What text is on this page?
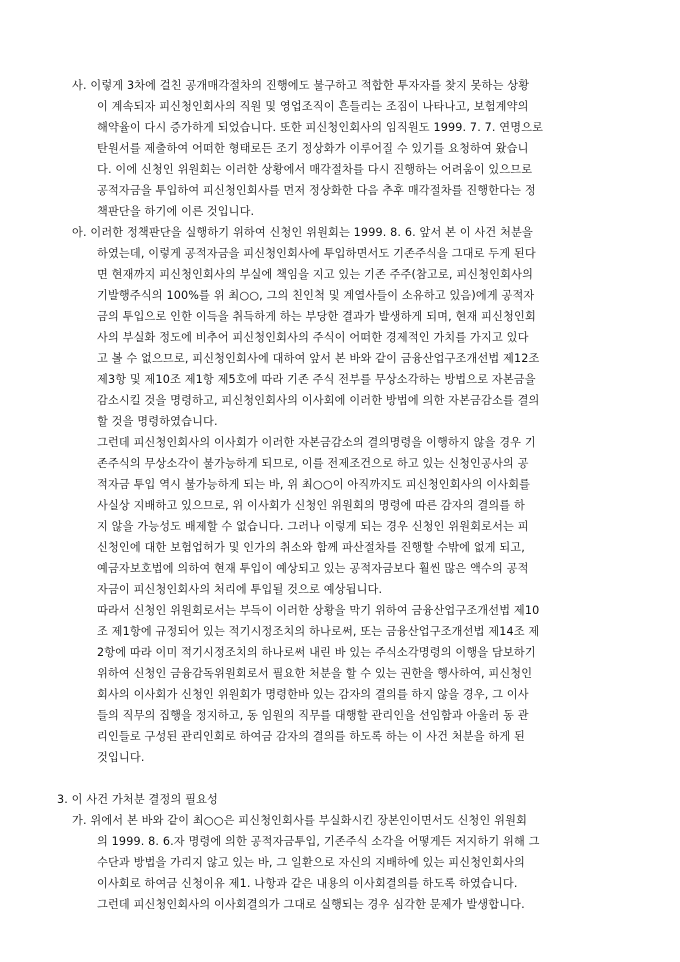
사. 이렇게 3차에 걸친 공개매각절차의 진행에도 불구하고 적합한 투자자를 찾지 못하는 상황
이 계속되자 피신청인회사의 직원 및 영업조직이 흔들리는 조짐이 나타나고, 보험계약의
해약율이 다시 증가하게 되었습니다. 또한 피신청인회사의 임직원도 1999. 7. 7. 연명으로
탄원서를 제출하여 어떠한 형태로든 조기 정상화가 이루어질 수 있기를 요청하여 왔습니
다. 이에 신청인 위원회는 이러한 상황에서 매각절차를 다시 진행하는 어려움이 있으므로
공적자금을 투입하여 피신청인회사를 먼저 정상화한 다음 추후 매각절차를 진행한다는 정
책판단을 하기에 이른 것입니다.
아. 이러한 정책판단을 실행하기 위하여 신청인 위원회는 1999. 8. 6. 앞서 본 이 사건 처분을
하였는데, 이렇게 공적자금을 피신청인회사에 투입하면서도 기존주식을 그대로 두게 된다
면 현재까지 피신청인회사의 부실에 책임을 지고 있는 기존 주주(참고로, 피신청인회사의
기발행주식의 100%를 위 최○○, 그의 친인척 및 계열사들이 소유하고 있음)에게 공적자
금의 투입으로 인한 이득을 취득하게 하는 부당한 결과가 발생하게 되며, 현재 피신청인회
사의 부실화 정도에 비추어 피신청인회사의 주식이 어떠한 경제적인 가치를 가지고 있다
고 볼 수 없으므로, 피신청인회사에 대하여 앞서 본 바와 같이 금융산업구조개선법 제12조
제3항 및 제10조 제1항 제5호에 따라 기존 주식 전부를 무상소각하는 방법으로 자본금을
감소시킬 것을 명령하고, 피신청인회사의 이사회에 이러한 방법에 의한 자본금감소를 결의
할 것을 명령하였습니다.
그런데 피신청인회사의 이사회가 이러한 자본금감소의 결의명령을 이행하지 않을 경우 기
존주식의 무상소각이 불가능하게 되므로, 이를 전제조건으로 하고 있는 신청인공사의 공
적자금 투입 역시 불가능하게 되는 바, 위 최○○이 아직까지도 피신청인회사의 이사회를
사실상 지배하고 있으므로, 위 이사회가 신청인 위원회의 명령에 따른 감자의 결의를 하
지 않을 가능성도 배제할 수 없습니다. 그러나 이렇게 되는 경우 신청인 위원회로서는 피
신청인에 대한 보험업허가 및 인가의 취소와 함께 파산절차를 진행할 수밖에 없게 되고,
예금자보호법에 의하여 현재 투입이 예상되고 있는 공적자금보다 훨씬 많은 액수의 공적
자금이 피신청인회사의 처리에 투입될 것으로 예상됩니다.
따라서 신청인 위원회로서는 부득이 이러한 상황을 막기 위하여 금융산업구조개선법 제10
조 제1항에 규정되어 있는 적기시정조치의 하나로써, 또는 금융산업구조개선법 제14조 제
2항에 따라 이미 적기시정조치의 하나로써 내린 바 있는 주식소각명령의 이행을 담보하기
위하여 신청인 금융감독위원회로서 필요한 처분을 할 수 있는 권한을 행사하여, 피신청인
회사의 이사회가 신청인 위원회가 명령한바 있는 감자의 결의를 하지 않을 경우, 그 이사
들의 직무의 집행을 정지하고, 동 임원의 직무를 대행할 관리인을 선임함과 아울러 동 관
리인들로 구성된 관리인회로 하여금 감자의 결의를 하도록 하는 이 사건 처분을 하게 된
것입니다.
3. 이 사건 가처분 결정의 필요성
가. 위에서 본 바와 같이 최○○은 피신청인회사를 부실화시킨 장본인이면서도 신청인 위원회
의 1999. 8. 6.자 명령에 의한 공적자금투입, 기존주식 소각을 어떻게든 저지하기 위해 그
수단과 방법을 가리지 않고 있는 바, 그 일환으로 자신의 지배하에 있는 피신청인회사의
이사회로 하여금 신청이유 제1. 나항과 같은 내용의 이사회결의를 하도록 하였습니다.
그런데 피신청인회사의 이사회결의가 그대로 실행되는 경우 심각한 문제가 발생합니다.
